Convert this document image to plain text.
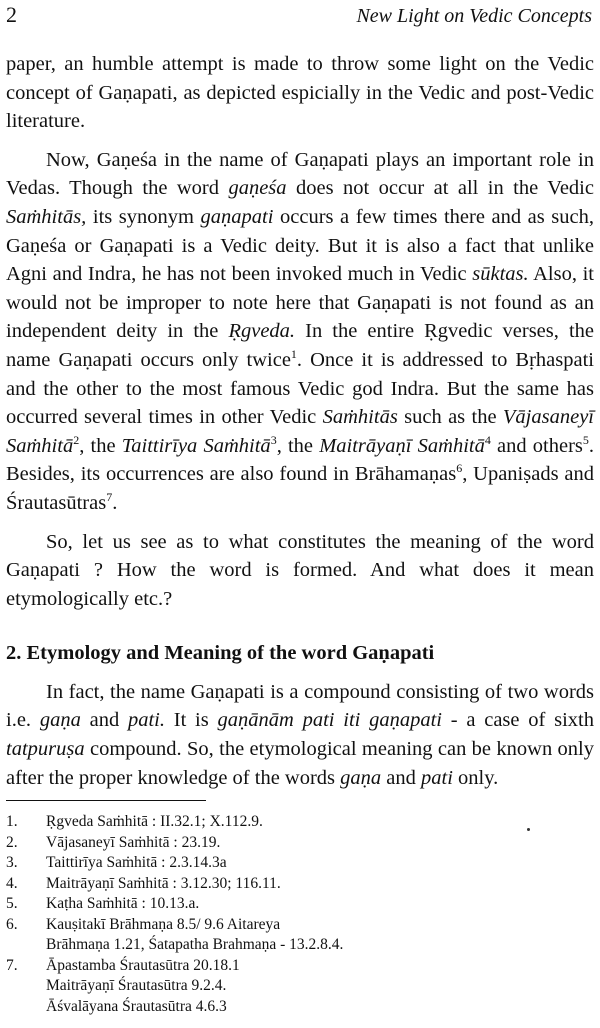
2	New Light on Vedic Concepts

paper, an humble attempt is made to throw some light on the Vedic concept of Gaṇapati, as depicted espicially in the Vedic and post-Vedic literature.

Now, Gaṇeśa in the name of Gaṇapati plays an important role in Vedas. Though the word gaṇeśa does not occur at all in the Vedic Saṁhitās, its synonym gaṇapati occurs a few times there and as such, Gaṇeśa or Gaṇapati is a Vedic deity. But it is also a fact that unlike Agni and Indra, he has not been invoked much in Vedic sūktas. Also, it would not be improper to note here that Gaṇapati is not found as an independent deity in the Ṛgveda. In the entire Ṛgvedic verses, the name Gaṇapati occurs only twice$^1$. Once it is addressed to Bṛhaspati and the other to the most famous Vedic god Indra. But the same has occurred several times in other Vedic Saṁhitās such as the Vājasaneyī Saṁhitā$^2$, the Taittirīya Saṁhitā$^3$, the Maitrāyaṇī Saṁhitā$^4$ and others$^5$. Besides, its occurrences are also found in Brāhamaṇas$^6$, Upaniṣads and Śrautasūtras$^7$.

So, let us see as to what constitutes the meaning of the word Gaṇapati ? How the word is formed. And what does it mean etymologically etc.?

2. Etymology and Meaning of the word Gaṇapati

In fact, the name Gaṇapati is a compound consisting of two words i.e. gaṇa and pati. It is gaṇānām pati iti gaṇapati - a case of sixth tatpuruṣa compound. So, the etymological meaning can be known only after the proper knowledge of the words gaṇa and pati only.

1.	Ṛgveda Saṁhitā : II.32.1; X.112.9.
2.	Vājasaneyī Saṁhitā : 23.19.
3.	Taittirīya Saṁhitā : 2.3.14.3a
4.	Maitrāyaṇī Saṁhitā : 3.12.30; 116.11.
5.	Kaṭha Saṁhitā : 10.13.a.
6.	Kauṣitakī Brāhmaṇa 8.5/ 9.6 Aitareya
Brāhmaṇa 1.21, Śatapatha Brahmaṇa - 13.2.8.4.
7.	Āpastamba Śrautasūtra 20.18.1
Maitrāyaṇī Śrautasūtra 9.2.4.
Āśvalāyana Śrautasūtra 4.6.3
